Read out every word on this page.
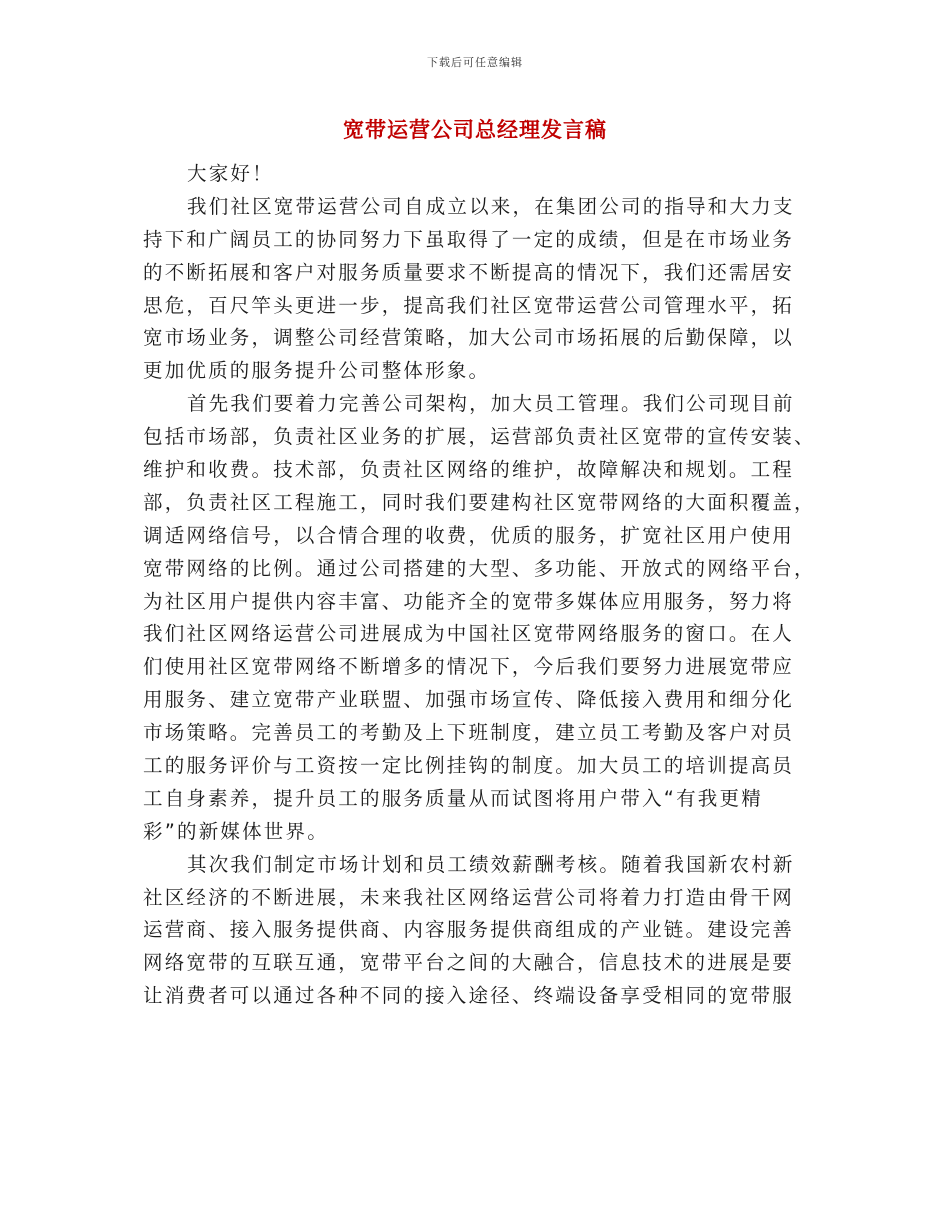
下载后可任意编辑
宽带运营公司总经理发言稿
大家好！
我们社区宽带运营公司自成立以来，在集团公司的指导和大力支
持下和广阔员工的协同努力下虽取得了一定的成绩，但是在市场业务
的不断拓展和客户对服务质量要求不断提高的情况下，我们还需居安
思危，百尺竿头更进一步，提高我们社区宽带运营公司管理水平，拓
宽市场业务，调整公司经营策略，加大公司市场拓展的后勤保障，以
更加优质的服务提升公司整体形象。
首先我们要着力完善公司架构，加大员工管理。我们公司现目前
包括市场部，负责社区业务的扩展，运营部负责社区宽带的宣传安装、
维护和收费。技术部，负责社区网络的维护，故障解决和规划。工程
部，负责社区工程施工，同时我们要建构社区宽带网络的大面积覆盖，
调适网络信号，以合情合理的收费，优质的服务，扩宽社区用户使用
宽带网络的比例。通过公司搭建的大型、多功能、开放式的网络平台，
为社区用户提供内容丰富、功能齐全的宽带多媒体应用服务，努力将
我们社区网络运营公司进展成为中国社区宽带网络服务的窗口。在人
们使用社区宽带网络不断增多的情况下，今后我们要努力进展宽带应
用服务、建立宽带产业联盟、加强市场宣传、降低接入费用和细分化
市场策略。完善员工的考勤及上下班制度，建立员工考勤及客户对员
工的服务评价与工资按一定比例挂钩的制度。加大员工的培训提高员
工自身素养，提升员工的服务质量从而试图将用户带入“有我更精
彩”的新媒体世界。
其次我们制定市场计划和员工绩效薪酬考核。随着我国新农村新
社区经济的不断进展，未来我社区网络运营公司将着力打造由骨干网
运营商、接入服务提供商、内容服务提供商组成的产业链。建设完善
网络宽带的互联互通，宽带平台之间的大融合，信息技术的进展是要
让消费者可以通过各种不同的接入途径、终端设备享受相同的宽带服
